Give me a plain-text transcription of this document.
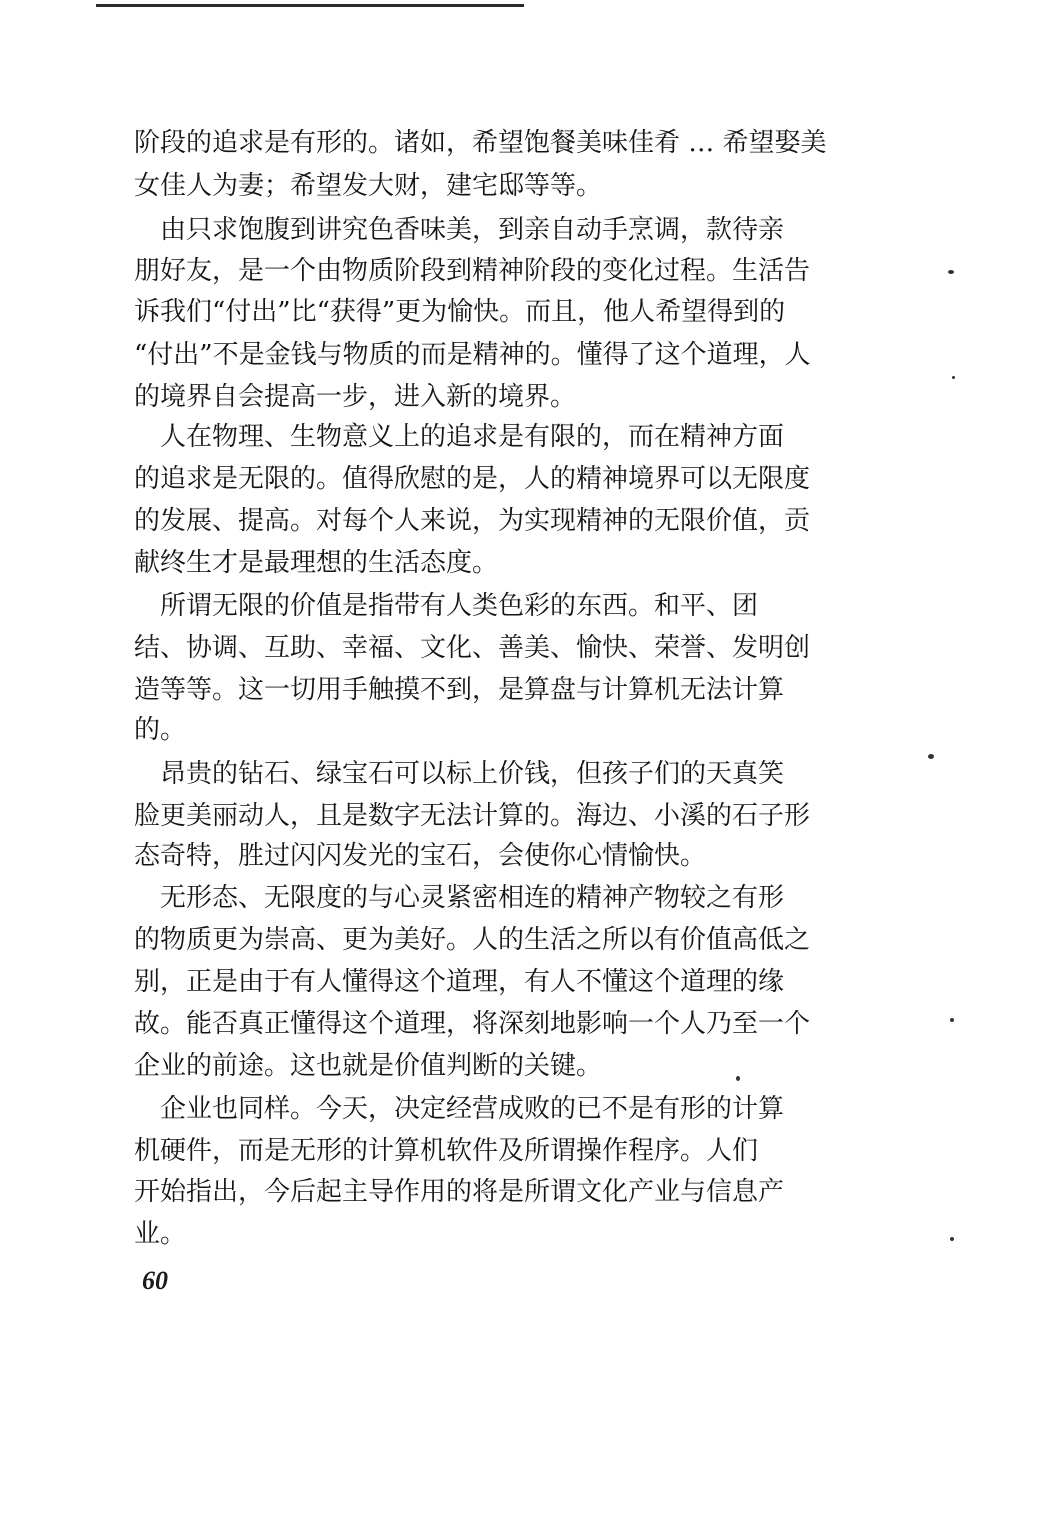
阶段的追求是有形的。诸如，希望饱餐美味佳肴 … 希望娶美
女佳人为妻；希望发大财，建宅邸等等。
　由只求饱腹到讲究色香味美，到亲自动手烹调，款待亲
朋好友，是一个由物质阶段到精神阶段的变化过程。生活告
诉我们“付出”比“获得”更为愉快。而且，他人希望得到的
“付出”不是金钱与物质的而是精神的。懂得了这个道理，人
的境界自会提高一步，进入新的境界。
　人在物理、生物意义上的追求是有限的，而在精神方面
的追求是无限的。值得欣慰的是，人的精神境界可以无限度
的发展、提高。对每个人来说，为实现精神的无限价值，贡
献终生才是最理想的生活态度。
　所谓无限的价值是指带有人类色彩的东西。和平、团
结、协调、互助、幸福、文化、善美、愉快、荣誉、发明创
造等等。这一切用手触摸不到，是算盘与计算机无法计算
的。
　昂贵的钻石、绿宝石可以标上价钱，但孩子们的天真笑
脸更美丽动人，且是数字无法计算的。海边、小溪的石子形
态奇特，胜过闪闪发光的宝石，会使你心情愉快。
　无形态、无限度的与心灵紧密相连的精神产物较之有形
的物质更为崇高、更为美好。人的生活之所以有价值高低之
别，正是由于有人懂得这个道理，有人不懂这个道理的缘
故。能否真正懂得这个道理，将深刻地影响一个人乃至一个
企业的前途。这也就是价值判断的关键。
　企业也同样。今天，决定经营成败的已不是有形的计算
机硬件，而是无形的计算机软件及所谓操作程序。人们
开始指出，今后起主导作用的将是所谓文化产业与信息产
业。
60
